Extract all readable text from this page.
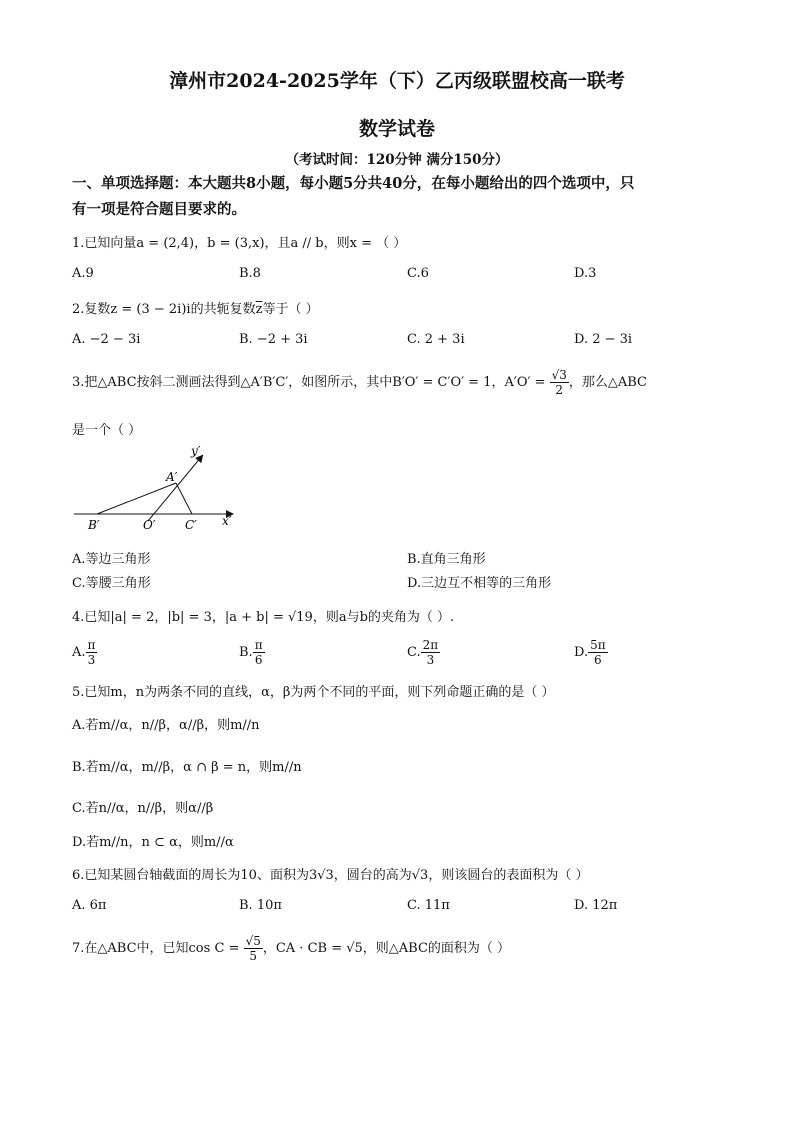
漳州市2024-2025学年（下）乙丙级联盟校高一联考
数学试卷
（考试时间：120分钟 满分150分）
一、单项选择题：本大题共8小题，每小题5分共40分，在每小题给出的四个选项中，只
有一项是符合题目要求的。
1.已知向量a = (2,4)，b = (3,x)，且a // b，则x = （ ）
A.9	B.8	C.6	D.3
2.复数z = (3 − 2i)i的共轭复数$\overline{z}$等于（ ）
A. −2 − 3i	B. −2 + 3i	C. 2 + 3i	D. 2 − 3i
3.把△ABC按斜二测画法得到△A′B′C′，如图所示，其中B′O′ = C′O′ = 1，$A'O' = \frac{√3}{2}$ ，那么△ABC
是一个（ ）
y′
A′
B′	O′ C′ x′
A.等边三角形	B.直角三角形
C.等腰三角形	D.三边互不相等的三角形
4.已知|a| = 2，|b| = 3，|a + b| = √19，则a与b的夹角为（ ）.
A. $\frac{\pi}{3}$	B. $\frac{\pi}{6}$	C. $\frac{2\pi}{3}$	D. $\frac{5\pi}{6}$
5.已知m，n为两条不同的直线，α，β为两个不同的平面，则下列命题正确的是（ ）
A.若m//α，n//β，α//β，则m//n
B.若m//α，m//β，α ∩ β = n，则m//n
C.若n//α，n//β，则α//β
D.若m//n，n ⊂ α，则m//α
6.已知某圆台轴截面的周长为10、面积为3√3，圆台的高为√3，则该圆台的表面积为（ ）
A. 6π	B. 10π	C. 11π	D. 12π
7.在△ABC中，已知$\cos C = \frac{√5}{5}$ ，CA · CB = √5，则△ABC的面积为（ ）
